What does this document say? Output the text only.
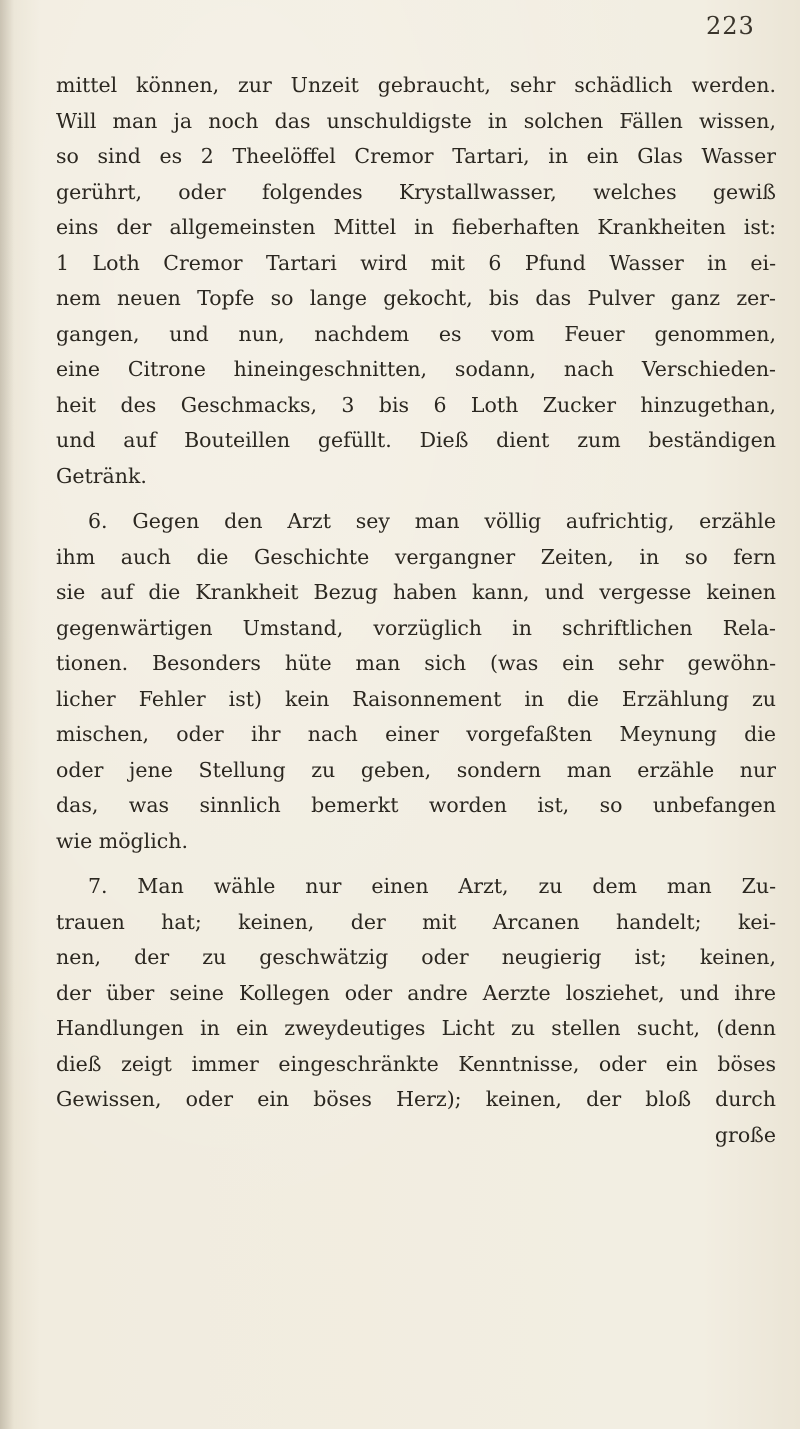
223
mittel können, zur Unzeit gebraucht, sehr schädlich werden.
Will man ja noch das unschuldigste in solchen Fällen wissen,
so sind es 2 Theelöffel Cremor Tartari, in ein Glas Wasser
gerührt, oder folgendes Krystallwasser, welches gewiß
eins der allgemeinsten Mittel in fieberhaften Krankheiten ist:
1 Loth Cremor Tartari wird mit 6 Pfund Wasser in ei-
nem neuen Topfe so lange gekocht, bis das Pulver ganz zer-
gangen, und nun, nachdem es vom Feuer genommen,
eine Citrone hineingeschnitten, sodann, nach Verschieden-
heit des Geschmacks, 3 bis 6 Loth Zucker hinzugethan,
und auf Bouteillen gefüllt. Dieß dient zum beständigen
Getränk.
6. Gegen den Arzt sey man völlig aufrichtig, erzähle
ihm auch die Geschichte vergangner Zeiten, in so fern
sie auf die Krankheit Bezug haben kann, und vergesse keinen
gegenwärtigen Umstand, vorzüglich in schriftlichen Rela-
tionen. Besonders hüte man sich (was ein sehr gewöhn-
licher Fehler ist) kein Raisonnement in die Erzählung zu
mischen, oder ihr nach einer vorgefaßten Meynung die
oder jene Stellung zu geben, sondern man erzähle nur
das, was sinnlich bemerkt worden ist, so unbefangen
wie möglich.
7. Man wähle nur einen Arzt, zu dem man Zu-
trauen hat; keinen, der mit Arcanen handelt; kei-
nen, der zu geschwätzig oder neugierig ist; keinen,
der über seine Kollegen oder andre Aerzte losziehet, und ihre
Handlungen in ein zweydeutiges Licht zu stellen sucht, (denn
dieß zeigt immer eingeschränkte Kenntnisse, oder ein böses
Gewissen, oder ein böses Herz); keinen, der bloß durch
große
